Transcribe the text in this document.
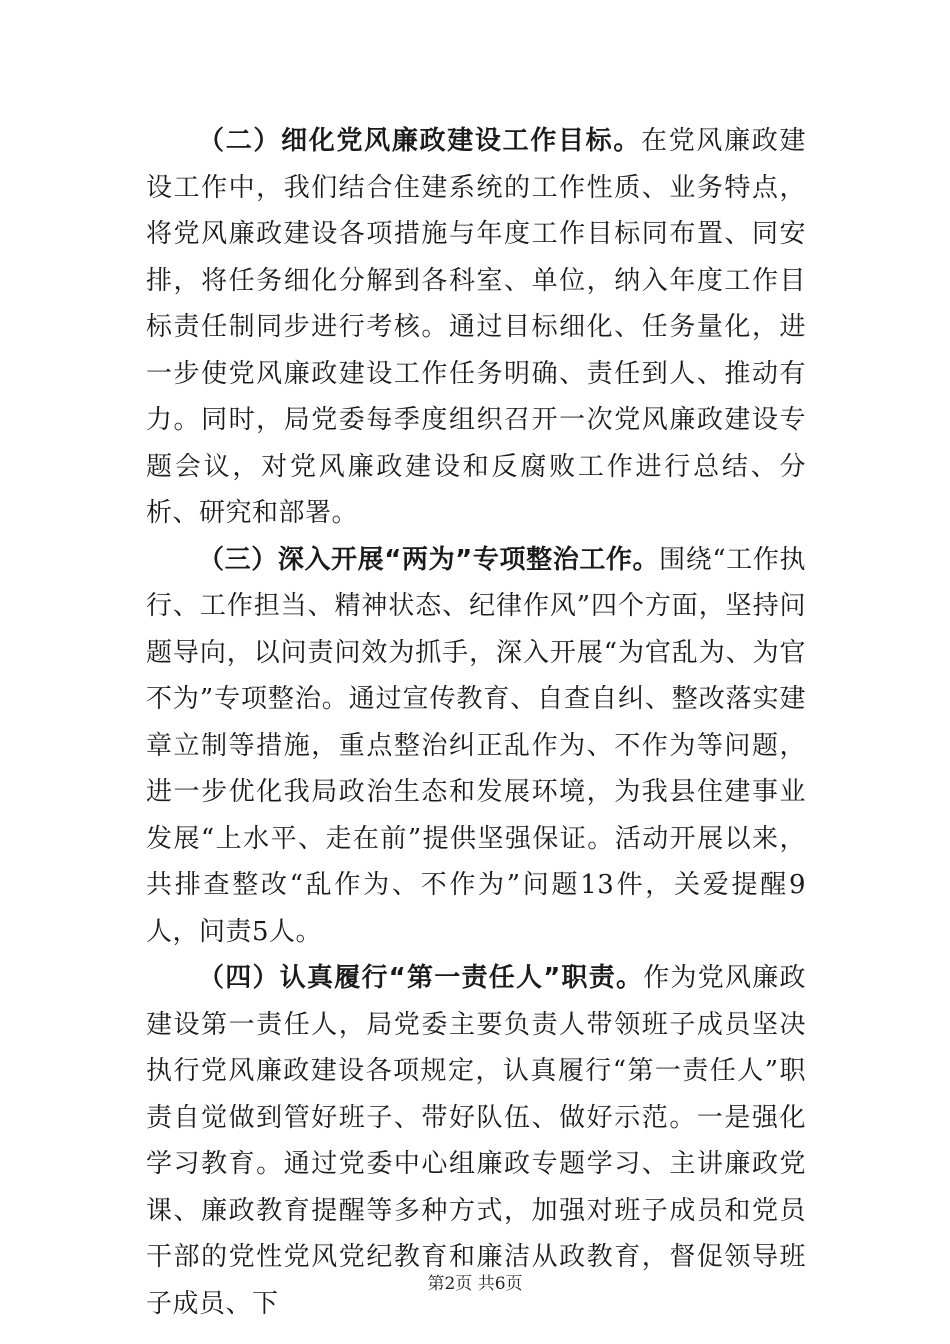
（二）细化党风廉政建设工作目标。在党风廉政建设工作中，我们结合住建系统的工作性质、业务特点，将党风廉政建设各项措施与年度工作目标同布置、同安排，将任务细化分解到各科室、单位，纳入年度工作目标责任制同步进行考核。通过目标细化、任务量化，进一步使党风廉政建设工作任务明确、责任到人、推动有力。同时，局党委每季度组织召开一次党风廉政建设专题会议，对党风廉政建设和反腐败工作进行总结、分析、研究和部署。

（三）深入开展“两为”专项整治工作。围绕“工作执行、工作担当、精神状态、纪律作风”四个方面，坚持问题导向，以问责问效为抓手，深入开展“为官乱为、为官不为”专项整治。通过宣传教育、自查自纠、整改落实建章立制等措施，重点整治纠正乱作为、不作为等问题，进一步优化我局政治生态和发展环境，为我县住建事业发展“上水平、走在前”提供坚强保证。活动开展以来，共排查整改“乱作为、不作为”问题13件，关爱提醒9人，问责5人。

（四）认真履行“第一责任人”职责。作为党风廉政建设第一责任人，局党委主要负责人带领班子成员坚决执行党风廉政建设各项规定，认真履行“第一责任人”职责自觉做到管好班子、带好队伍、做好示范。一是强化学习教育。通过党委中心组廉政专题学习、主讲廉政党课、廉政教育提醒等多种方式，加强对班子成员和党员干部的党性党风党纪教育和廉洁从政教育，督促领导班子成员、下

第2页 共6页
